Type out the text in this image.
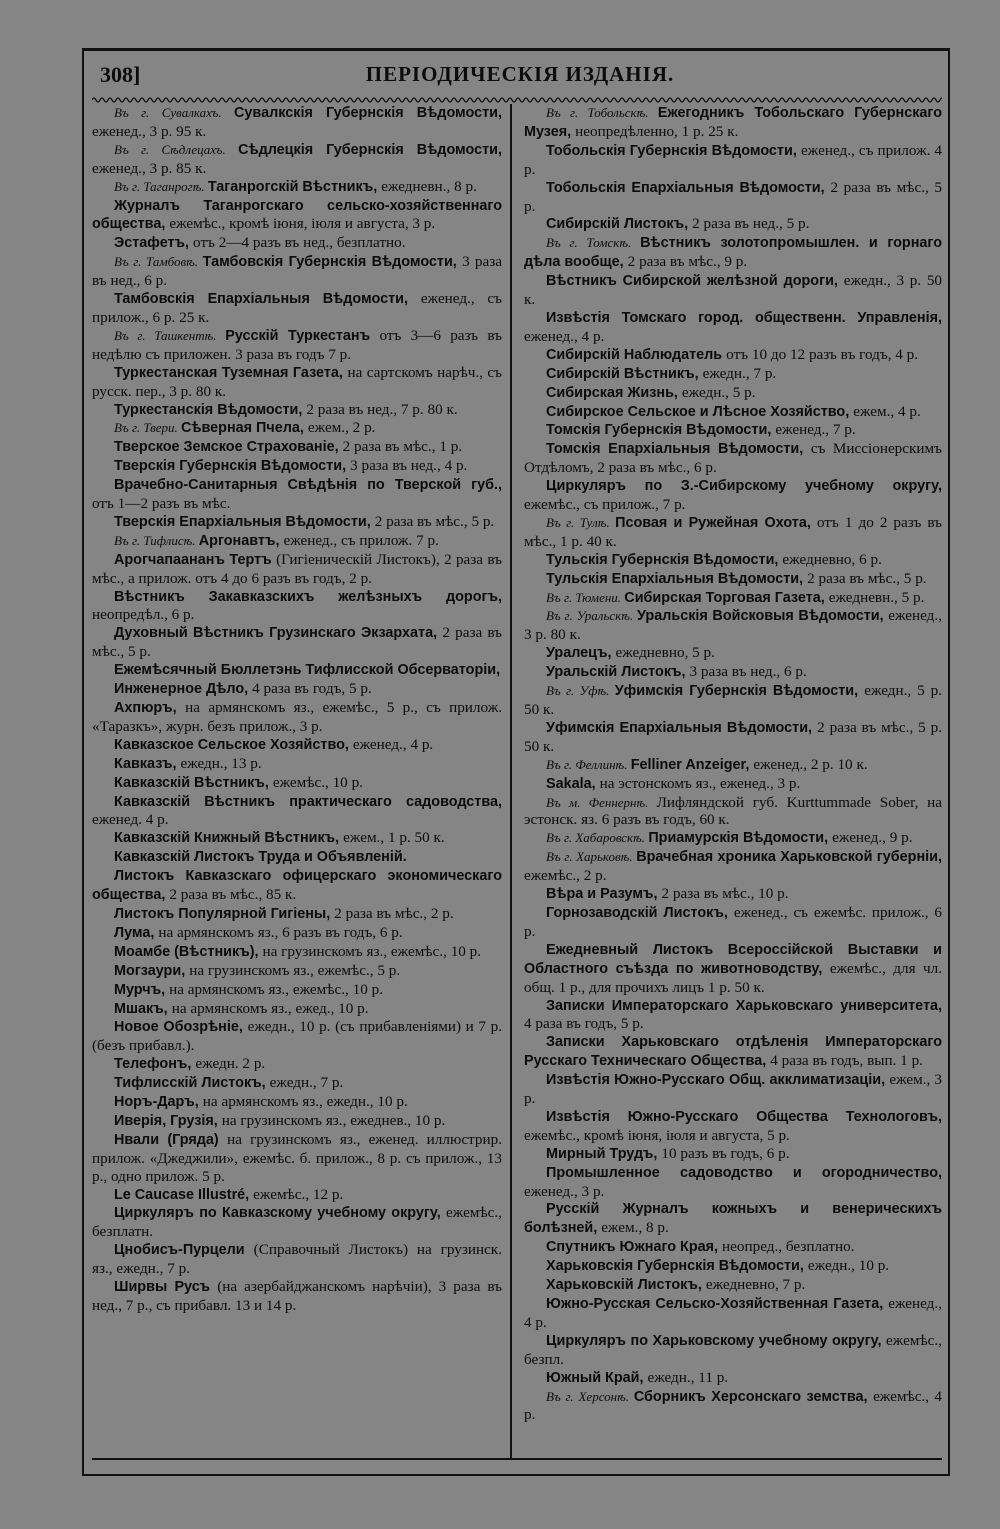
308]	ПЕРІОДИЧЕСКІЯ ИЗДАНІЯ.

Въ г. Сувалкахъ. Сувалкскія Губернскія Вѣдомости, еженед., 3 р. 95 к.

Въ г. Сѣдлецахъ. Сѣдлецкія Губернскія Вѣдомости, еженед., 3 р. 85 к.

Въ г. Таганрогѣ. Таганрогскій Вѣстникъ, ежедневн., 8 р.

Журналъ Таганрогскаго сельско-хозяйственнаго общества, ежемѣс., кромѣ іюня, іюля и августа, 3 р.

Эстафетъ, отъ 2—4 разъ въ нед., безплатно.

Въ г. Тамбовѣ. Тамбовскія Губернскія Вѣдомости, 3 раза въ нед., 6 р.

Тамбовскія Епархіальныя Вѣдомости, еженед., съ прилож., 6 р. 25 к.

Въ г. Ташкентѣ. Русскій Туркестанъ отъ 3—6 разъ въ недѣлю съ приложен. 3 раза въ годъ 7 р.

Туркестанская Туземная Газета, на сартскомъ нарѣч., съ русск. пер., 3 р. 80 к.

Туркестанскія Вѣдомости, 2 раза въ нед., 7 р. 80 к.

Въ г. Твери. Сѣверная Пчела, ежем., 2 р.

Тверское Земское Страхованіе, 2 раза въ мѣс., 1 р.

Тверскія Губернскія Вѣдомости, 3 раза въ нед., 4 р.

Врачебно-Санитарныя Свѣдѣнія по Тверской губ., отъ 1—2 разъ въ мѣс.

Тверскія Епархіальныя Вѣдомости, 2 раза въ мѣс., 5 р.

Въ г. Тифлисѣ. Аргонавтъ, еженед., съ прилож. 7 р.

Арогчапаананъ Тертъ (Гигіеническій Листокъ), 2 раза въ мѣс., а прилож. отъ 4 до 6 разъ въ годъ, 2 р.

Вѣстникъ Закавказскихъ желѣзныхъ дорогъ, неопредѣл., 6 р.

Духовный Вѣстникъ Грузинскаго Экзархата, 2 раза въ мѣс., 5 р.

Ежемѣсячный Бюллетэнь Тифлисской Обсерваторіи,

Инженерное Дѣло, 4 раза въ годъ, 5 р.

Ахпюръ, на армянскомъ яз., ежемѣс., 5 р., съ прилож. «Таразкъ», журн. безъ прилож., 3 р.

Кавказское Сельское Хозяйство, еженед., 4 р.

Кавказъ, ежедн., 13 р.

Кавказскій Вѣстникъ, ежемѣс., 10 р.

Кавказскій Вѣстникъ практическаго садоводства, еженед. 4 р.

Кавказскій Книжный Вѣстникъ, ежем., 1 р. 50 к.

Кавказскій Листокъ Труда и Объявленій.

Листокъ Кавказскаго офицерскаго экономическаго общества, 2 раза въ мѣс., 85 к.

Листокъ Популярной Гигіены, 2 раза въ мѣс., 2 р.

Лума, на армянскомъ яз., 6 разъ въ годъ, 6 р.

Моамбе (Вѣстникъ), на грузинскомъ яз., ежемѣс., 10 р.

Могзаури, на грузинскомъ яз., ежемѣс., 5 р.

Мурчъ, на армянскомъ яз., ежемѣс., 10 р.

Мшакъ, на армянскомъ яз., ежед., 10 р.

Новое Обозрѣніе, ежедн., 10 р. (съ прибавленіями) и 7 р. (безъ прибавл.).

Телефонъ, ежедн. 2 р.

Тифлисскій Листокъ, ежедн., 7 р.

Норъ-Даръ, на армянскомъ яз., ежедн., 10 р.

Иверія, Грузія, на грузинскомъ яз., ежеднев., 10 р.

Нвали (Грядa) на грузинскомъ яз., еженед. иллюстрир. прилож. «Джеджили», ежемѣс. б. прилож., 8 р. съ прилож., 13 р., одно прилож. 5 р.

Le Caucase Illustré, ежемѣс., 12 р.

Циркуляръ по Кавказскому учебному округу, ежемѣс., безплатн.

Цнобисъ-Пурцели (Справочный Листокъ) на грузинск. яз., ежедн., 7 р.

Ширвы Русъ (на азербайджанскомъ нарѣчіи), 3 раза въ нед., 7 р., съ прибавл. 13 и 14 р.

Въ г. Тобольскѣ. Ежегодникъ Тобольскаго Губернскаго Музея, неопредѣленно, 1 р. 25 к.

Тобольскія Губернскія Вѣдомости, еженед., съ прилож. 4 р.

Тобольскія Епархіальныя Вѣдомости, 2 раза въ мѣс., 5 р.

Сибирскій Листокъ, 2 раза въ нед., 5 р.

Въ г. Томскѣ. Вѣстникъ золотопромышлен. и горнаго дѣла вообще, 2 раза въ мѣс., 9 р.

Вѣстникъ Сибирской желѣзной дороги, ежедн., 3 р. 50 к.

Извѣстія Томскаго город. общественн. Управленія, еженед., 4 р.

Сибирскій Наблюдатель отъ 10 до 12 разъ въ годъ, 4 р.

Сибирскій Вѣстникъ, ежедн., 7 р.

Сибирская Жизнь, ежедн., 5 р.

Сибирское Сельское и Лѣсное Хозяйство, ежем., 4 р.

Томскія Губернскія Вѣдомости, еженед., 7 р.

Томскія Епархіальныя Вѣдомости, съ Миссіонерскимъ Отдѣломъ, 2 раза въ мѣс., 6 р.

Циркуляръ по З.-Сибирскому учебному округу, ежемѣс., съ прилож., 7 р.

Въ г. Тулѣ. Псовая и Ружейная Охота, отъ 1 до 2 разъ въ мѣс., 1 р. 40 к.

Тульскія Губернскія Вѣдомости, ежедневно, 6 р.

Тульскія Епархіальныя Вѣдомости, 2 раза въ мѣс., 5 р.

Въ г. Тюмени. Сибирская Торговая Газета, ежедневн., 5 р.

Въ г. Уральскѣ. Уральскія Войсковыя Вѣдомости, еженед., 3 р. 80 к.

Уралецъ, ежедневно, 5 р.

Уральскій Листокъ, 3 раза въ нед., 6 р.

Въ г. Уфѣ. Уфимскія Губернскія Вѣдомости, ежедн., 5 р. 50 к.

Уфимскія Епархіальныя Вѣдомости, 2 раза въ мѣс., 5 р. 50 к.

Въ г. Феллинѣ. Felliner Anzeiger, еженед., 2 р. 10 к.

Sakala, на эстонскомъ яз., еженед., 3 р.

Въ м. Феннернѣ. Лифляндской губ. Kurttummade Sober, на эстонск. яз. 6 разъ въ годъ, 60 к.

Въ г. Хабаровскѣ. Приамурскія Вѣдомости, еженед., 9 р.

Въ г. Харьковѣ. Врачебная хроника Харьковской губерніи, ежемѣс., 2 р.

Вѣра и Разумъ, 2 раза въ мѣс., 10 р.

Горнозаводскій Листокъ, еженед., съ ежемѣс. прилож., 6 р.

Ежедневный Листокъ Всероссійской Выставки и Областного съѣзда по животноводству, ежемѣс., для чл. общ. 1 р., для прочихъ лицъ 1 р. 50 к.

Записки Императорскаго Харьковскаго университета, 4 раза въ годъ, 5 р.

Записки Харьковскаго отдѣленія Императорскаго Русскаго Техническаго Общества, 4 раза въ годъ, вып. 1 р.

Извѣстія Южно-Русскаго Общ. акклиматизаціи, ежем., 3 р.

Извѣстія Южно-Русскаго Общества Технологовъ, ежемѣс., кромѣ іюня, іюля и августа, 5 р.

Мирный Трудъ, 10 разъ въ годъ, 6 р.

Промышленное садоводство и огородничество, еженед., 3 р.

Русскій Журналъ кожныхъ и венерическихъ болѣзней, ежем., 8 р.

Спутникъ Южнаго Края, неопред., безплатно.

Харьковскія Губернскія Вѣдомости, ежедн., 10 р.

Харьковскій Листокъ, ежедневно, 7 р.

Южно-Русская Сельско-Хозяйственная Газета, еженед., 4 р.

Циркуляръ по Харьковскому учебному округу, ежемѣс., безпл.

Южный Край, ежедн., 11 р.

Въ г. Херсонѣ. Сборникъ Херсонскаго земства, ежемѣс., 4 р.
